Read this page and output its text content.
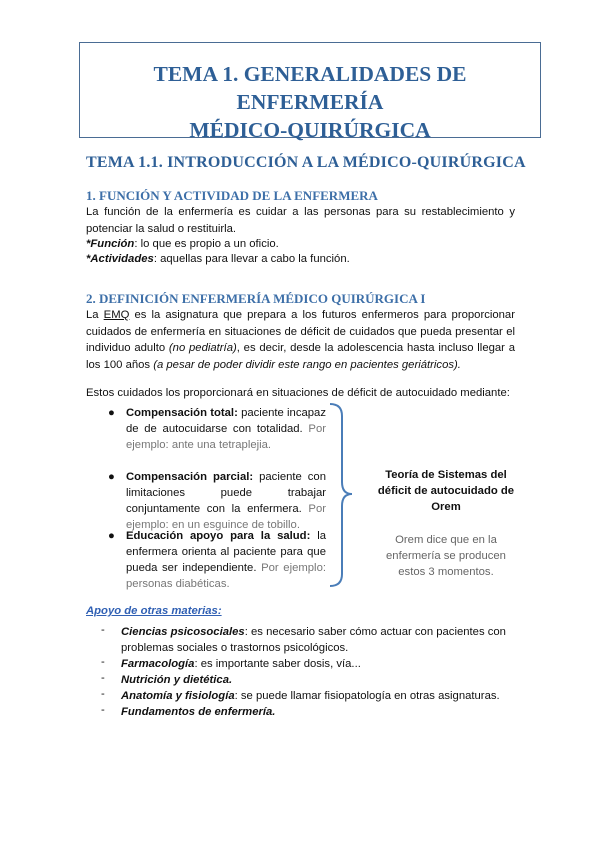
TEMA 1. GENERALIDADES DE ENFERMERÍA
MÉDICO-QUIRÚRGICA
TEMA 1.1. INTRODUCCIÓN A LA MÉDICO-QUIRÚRGICA
1. FUNCIÓN Y ACTIVIDAD DE LA ENFERMERA
La función de la enfermería es cuidar a las personas para su restablecimiento y potenciar la salud o restituirla.
*Función: lo que es propio a un oficio.
*Actividades: aquellas para llevar a cabo la función.
2. DEFINICIÓN ENFERMERÍA MÉDICO QUIRÚRGICA I
La EMQ es la asignatura que prepara a los futuros enfermeros para proporcionar cuidados de enfermería en situaciones de déficit de cuidados que pueda presentar el individuo adulto (no pediatría), es decir, desde la adolescencia hasta incluso llegar a los 100 años (a pesar de poder dividir este rango en pacientes geriátricos).
Estos cuidados los proporcionará en situaciones de déficit de autocuidado mediante:
● Compensación total: paciente incapaz de de autocuidarse con totalidad. Por ejemplo: ante una tetraplejia.
● Compensación parcial: paciente con limitaciones puede trabajar conjuntamente con la enfermera. Por ejemplo: en un esguince de tobillo.
● Educación apoyo para la salud: la enfermera orienta al paciente para que pueda ser independiente. Por ejemplo: personas diabéticas.
Teoría de Sistemas del déficit de autocuidado de Orem
Orem dice que en la enfermería se producen estos 3 momentos.
Apoyo de otras materias:
- Ciencias psicosociales: es necesario saber cómo actuar con pacientes con problemas sociales o trastornos psicológicos.
- Farmacología: es importante saber dosis, vía...
- Nutrición y dietética.
- Anatomía y fisiología: se puede llamar fisiopatología en otras asignaturas.
- Fundamentos de enfermería.
